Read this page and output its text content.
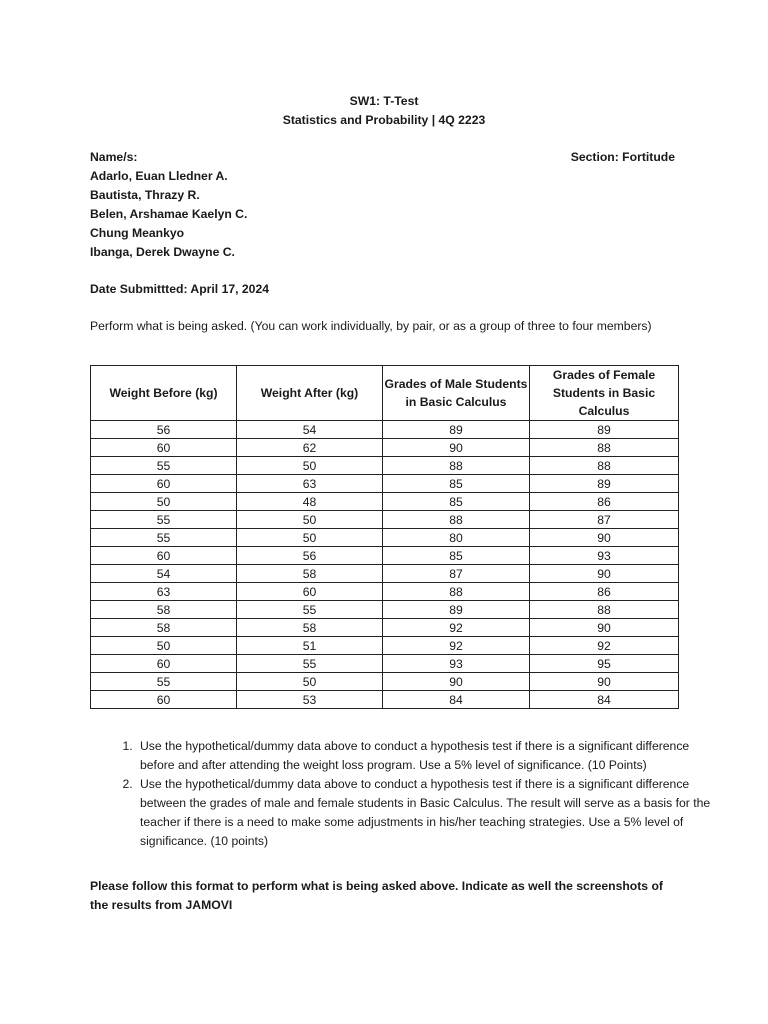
SW1: T-Test
Statistics and Probability | 4Q 2223
Name/s:
Adarlo, Euan Lledner A.
Bautista, Thrazy R.
Belen, Arshamae Kaelyn C.
Chung Meankyo
Ibanga, Derek Dwayne C.
Section: Fortitude
Date Submittted: April 17, 2024
Perform what is being asked. (You can work individually, by pair, or as a group of three to four members)
Weight Before (kg)	Weight After (kg)	Grades of Male Students in Basic Calculus	Grades of Female Students in Basic Calculus
56	54	89	89
60	62	90	88
55	50	88	88
60	63	85	89
50	48	85	86
55	50	88	87
55	50	80	90
60	56	85	93
54	58	87	90
63	60	88	86
58	55	89	88
58	58	92	90
50	51	92	92
60	55	93	95
55	50	90	90
60	53	84	84
1. Use the hypothetical/dummy data above to conduct a hypothesis test if there is a significant difference before and after attending the weight loss program. Use a 5% level of significance. (10 Points)
2. Use the hypothetical/dummy data above to conduct a hypothesis test if there is a significant difference between the grades of male and female students in Basic Calculus. The result will serve as a basis for the teacher if there is a need to make some adjustments in his/her teaching strategies. Use a 5% level of significance. (10 points)
Please follow this format to perform what is being asked above. Indicate as well the screenshots of the results from JAMOVI
